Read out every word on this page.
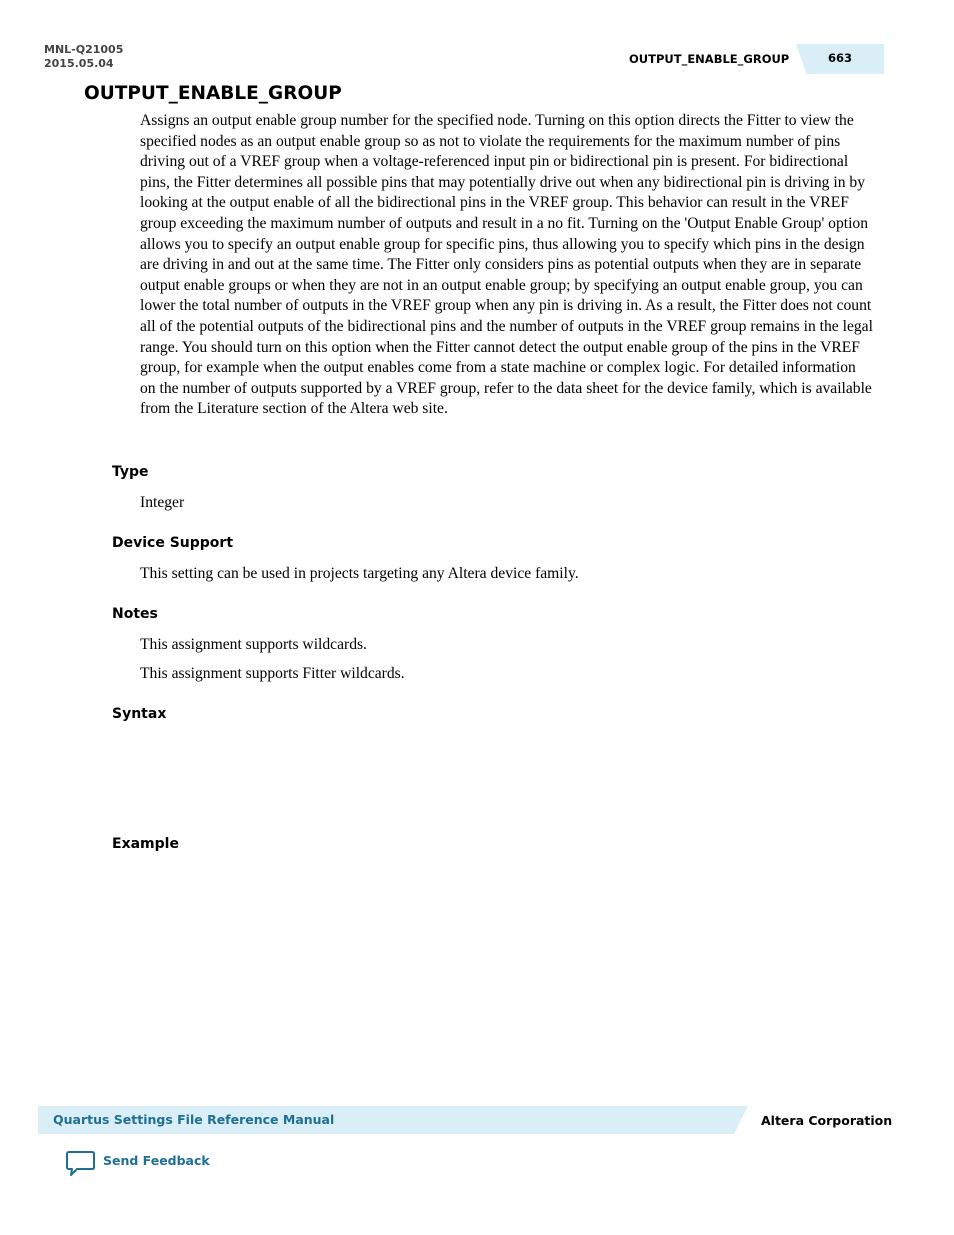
MNL-Q21005
2015.05.04	OUTPUT_ENABLE_GROUP	663
OUTPUT_ENABLE_GROUP

Assigns an output enable group number for the specified node. Turning on this option directs the Fitter to view the specified nodes as an output enable group so as not to violate the requirements for the maximum number of pins driving out of a VREF group when a voltage-referenced input pin or bidirectional pin is present. For bidirectional pins, the Fitter determines all possible pins that may potentially drive out when any bidirectional pin is driving in by looking at the output enable of all the bidirectional pins in the VREF group. This behavior can result in the VREF group exceeding the maximum number of outputs and result in a no fit. Turning on the 'Output Enable Group' option allows you to specify an output enable group for specific pins, thus allowing you to specify which pins in the design are driving in and out at the same time. The Fitter only considers pins as potential outputs when they are in separate output enable groups or when they are not in an output enable group; by specifying an output enable group, you can lower the total number of outputs in the VREF group when any pin is driving in. As a result, the Fitter does not count all of the potential outputs of the bidirectional pins and the number of outputs in the VREF group remains in the legal range. You should turn on this option when the Fitter cannot detect the output enable group of the pins in the VREF group, for example when the output enables come from a state machine or complex logic. For detailed information on the number of outputs supported by a VREF group, refer to the data sheet for the device family, which is available from the Literature section of the Altera web site.

Type

Integer

Device Support

This setting can be used in projects targeting any Altera device family.

Notes

This assignment supports wildcards.

This assignment supports Fitter wildcards.

Syntax
Example
Quartus Settings File Reference Manual	Altera Corporation
Send Feedback
